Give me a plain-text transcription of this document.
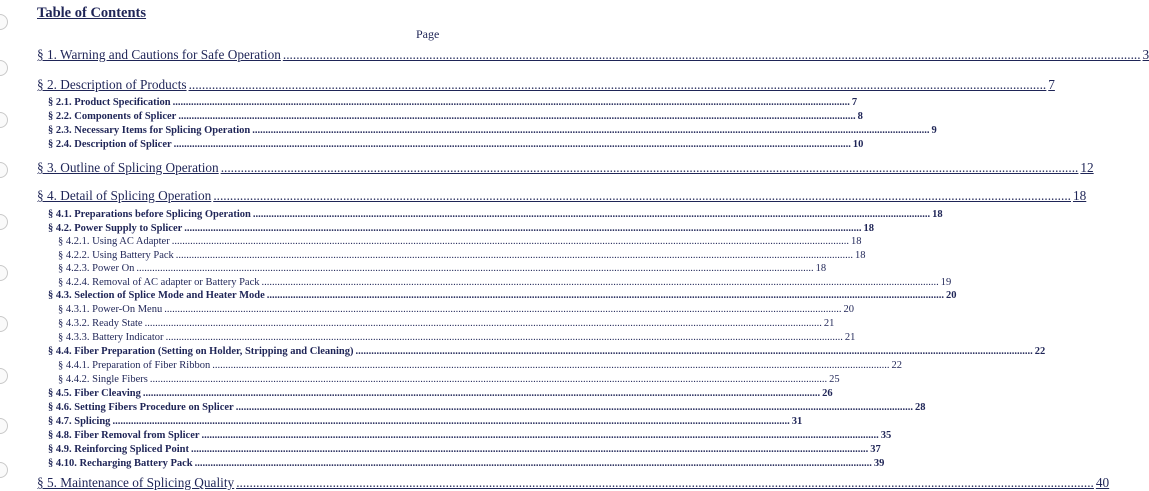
Table of Contents
Page
§ 1. Warning and Cautions for Safe Operation .....	3
§ 2. Description of Products .....	7
§ 2.1. Product Specification .....	7
§ 2.2. Components of Splicer .....	8
§ 2.3. Necessary Items for Splicing Operation .....	9
§ 2.4. Description of Splicer .....	10
§ 3. Outline of Splicing Operation .....	12
§ 4. Detail of Splicing Operation .....	18
§ 4.1. Preparations before Splicing Operation .....	18
§ 4.2. Power Supply to Splicer .....	18
§ 4.2.1. Using AC Adapter .....	18
§ 4.2.2. Using Battery Pack .....	18
§ 4.2.3. Power On .....	18
§ 4.2.4. Removal of AC adapter or Battery Pack .....	19
§ 4.3. Selection of Splice Mode and Heater Mode .....	20
§ 4.3.1. Power-On Menu .....	20
§ 4.3.2. Ready State .....	21
§ 4.3.3. Battery Indicator .....	21
§ 4.4. Fiber Preparation (Setting on Holder, Stripping and Cleaning) .....	22
§ 4.4.1. Preparation of Fiber Ribbon .....	22
§ 4.4.2. Single Fibers .....	25
§ 4.5. Fiber Cleaving .....	26
§ 4.6. Setting Fibers Procedure on Splicer .....	28
§ 4.7. Splicing .....	31
§ 4.8. Fiber Removal from Splicer .....	35
§ 4.9. Reinforcing Spliced Point .....	37
§ 4.10. Recharging Battery Pack .....	39
§ 5. Maintenance of Splicing Quality .....	40
